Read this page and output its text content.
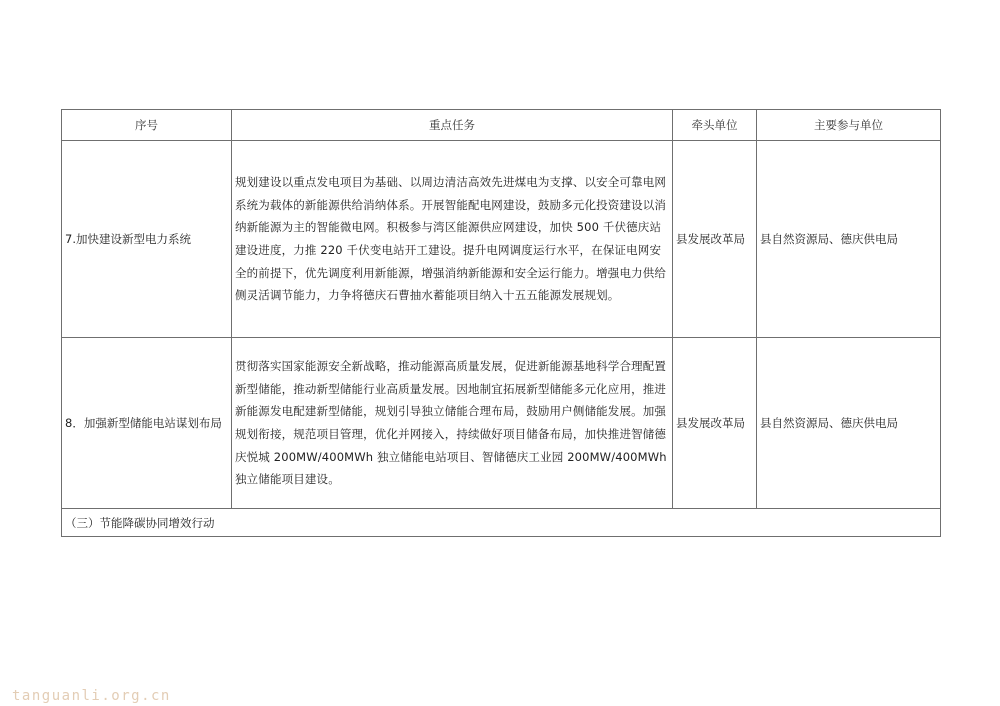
序号	重点任务	牵头单位	主要参与单位
7.加快建设新型电力系统	规划建设以重点发电项目为基础、以周边清洁高效先进煤电为支撑、以安全可靠电网系统为载体的新能源供给消纳体系。开展智能配电网建设，鼓励多元化投资建设以消纳新能源为主的智能微电网。积极参与湾区能源供应网建设，加快 500 千伏德庆站建设进度，力推 220 千伏变电站开工建设。提升电网调度运行水平，在保证电网安全的前提下，优先调度利用新能源，增强消纳新能源和安全运行能力。增强电力供给侧灵活调节能力，力争将德庆石曹抽水蓄能项目纳入十五五能源发展规划。	县发展改革局	县自然资源局、德庆供电局
8．加强新型储能电站谋划布局	贯彻落实国家能源安全新战略，推动能源高质量发展，促进新能源基地科学合理配置新型储能，推动新型储能行业高质量发展。因地制宜拓展新型储能多元化应用，推进新能源发电配建新型储能，规划引导独立储能合理布局，鼓励用户侧储能发展。加强规划衔接，规范项目管理，优化并网接入，持续做好项目储备布局，加快推进智储德庆悦城 200MW/400MWh 独立储能电站项目、智储德庆工业园 200MW/400MWh 独立储能项目建设。	县发展改革局	县自然资源局、德庆供电局
（三）节能降碳协同增效行动			
tanguanli.org.cn
